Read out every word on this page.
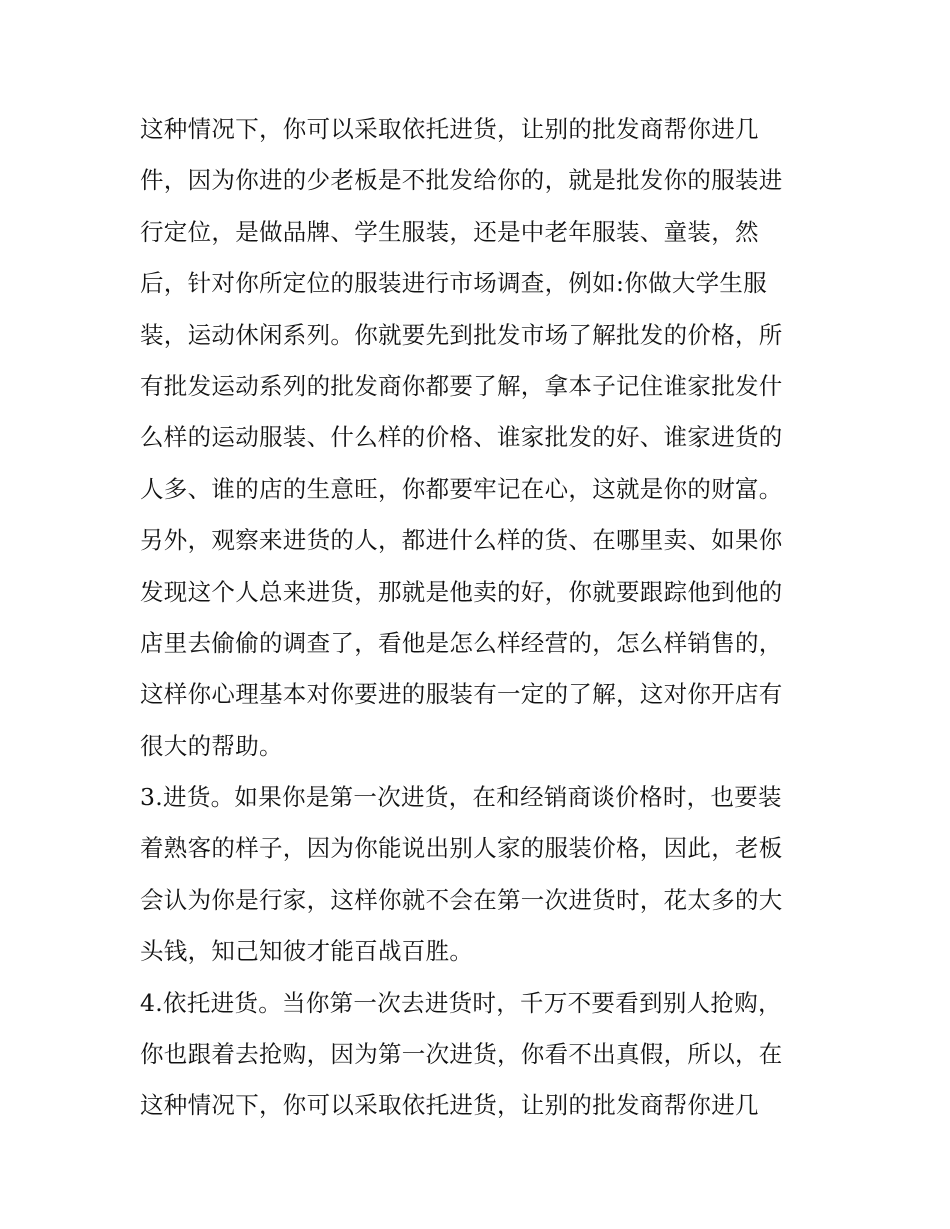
这种情况下，你可以采取依托进货，让别的批发商帮你进几
件，因为你进的少老板是不批发给你的，就是批发你的服装进
行定位，是做品牌、学生服装，还是中老年服装、童装，然
后，针对你所定位的服装进行市场调查，例如:你做大学生服
装，运动休闲系列。你就要先到批发市场了解批发的价格，所
有批发运动系列的批发商你都要了解，拿本子记住谁家批发什
么样的运动服装、什么样的价格、谁家批发的好、谁家进货的
人多、谁的店的生意旺，你都要牢记在心，这就是你的财富。
另外，观察来进货的人，都进什么样的货、在哪里卖、如果你
发现这个人总来进货，那就是他卖的好，你就要跟踪他到他的
店里去偷偷的调查了，看他是怎么样经营的，怎么样销售的，
这样你心理基本对你要进的服装有一定的了解，这对你开店有
很大的帮助。
3.进货。如果你是第一次进货，在和经销商谈价格时，也要装
着熟客的样子，因为你能说出别人家的服装价格，因此，老板
会认为你是行家，这样你就不会在第一次进货时，花太多的大
头钱，知己知彼才能百战百胜。
4.依托进货。当你第一次去进货时，千万不要看到别人抢购，
你也跟着去抢购，因为第一次进货，你看不出真假，所以，在
这种情况下，你可以采取依托进货，让别的批发商帮你进几
